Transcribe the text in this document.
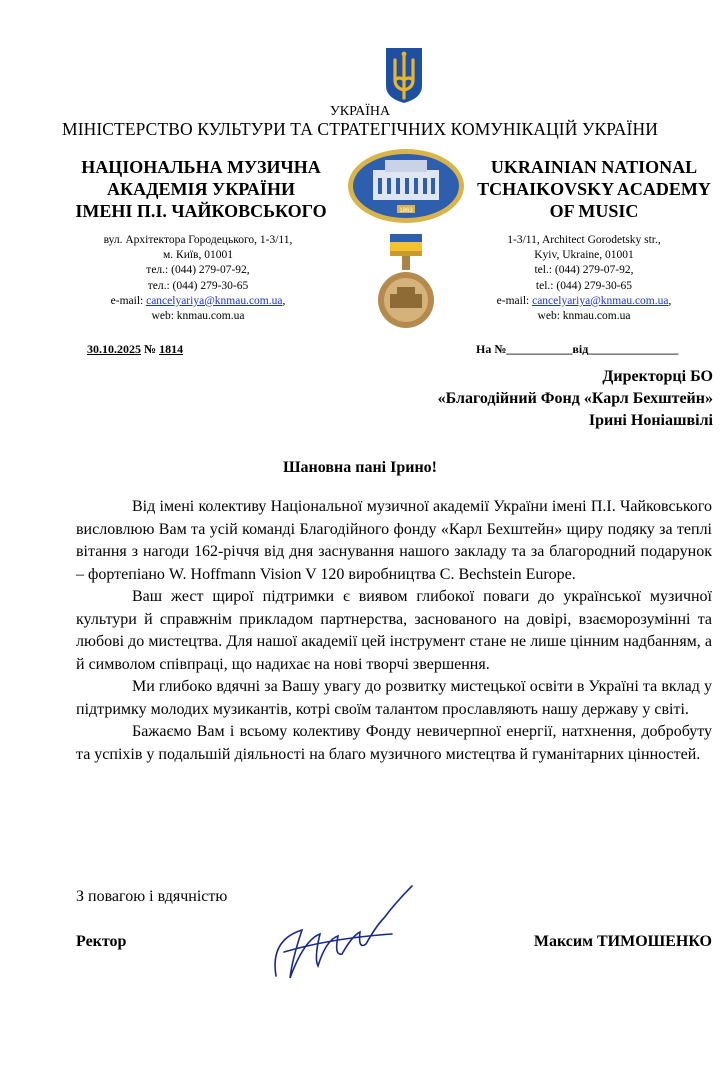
УКРАЇНА
МІНІСТЕРСТВО КУЛЬТУРИ ТА СТРАТЕГІЧНИХ КОМУНІКАЦІЙ УКРАЇНИ
НАЦІОНАЛЬНА МУЗИЧНА
АКАДЕМІЯ УКРАЇНИ
ІМЕНІ П.І. ЧАЙКОВСЬКОГО
UKRAINIAN NATIONAL
TCHAIKOVSKY ACADEMY
OF MUSIC
1863
вул. Архітектора Городецького, 1-3/11,
м. Київ, 01001
тел.: (044) 279-07-92,
тел.: (044) 279-30-65
e-mail: cancelyariya@knmau.com.ua,
web: knmau.com.ua
1-3/11, Architect Gorodetsky str.,
Kyiv, Ukraine, 01001
tel.: (044) 279-07-92,
tel.: (044) 279-30-65
e-mail: cancelyariya@knmau.com.ua,
web: knmau.com.ua
30.10.2025 № 1814	На №___________від_______________
Директорці БО
«Благодійний Фонд «Карл Бехштейн»
Ірині Ноніашвілі
Шановна пані Ірино!

Від імені колективу Національної музичної академії України імені П.І. Чайковського висловлюю Вам та усій команді Благодійного фонду «Карл Бехштейн» щиру подяку за теплі вітання з нагоди 162-річчя від дня заснування нашого закладу та за благородний подарунок – фортепіано W. Hoffmann Vision V 120 виробництва C. Bechstein Europe.

Ваш жест щирої підтримки є виявом глибокої поваги до української музичної культури й справжнім прикладом партнерства, заснованого на довірі, взаєморозумінні та любові до мистецтва. Для нашої академії цей інструмент стане не лише цінним надбанням, а й символом співпраці, що надихає на нові творчі звершення.

Ми глибоко вдячні за Вашу увагу до розвитку мистецької освіти в Україні та вклад у підтримку молодих музикантів, котрі своїм талантом прославляють нашу державу у світі.

Бажаємо Вам і всьому колективу Фонду невичерпної енергії, натхнення, добробуту та успіхів у подальшій діяльності на благо музичного мистецтва й гуманітарних цінностей.

З повагою і вдячністю
Ректор	Максим ТИМОШЕНКО
